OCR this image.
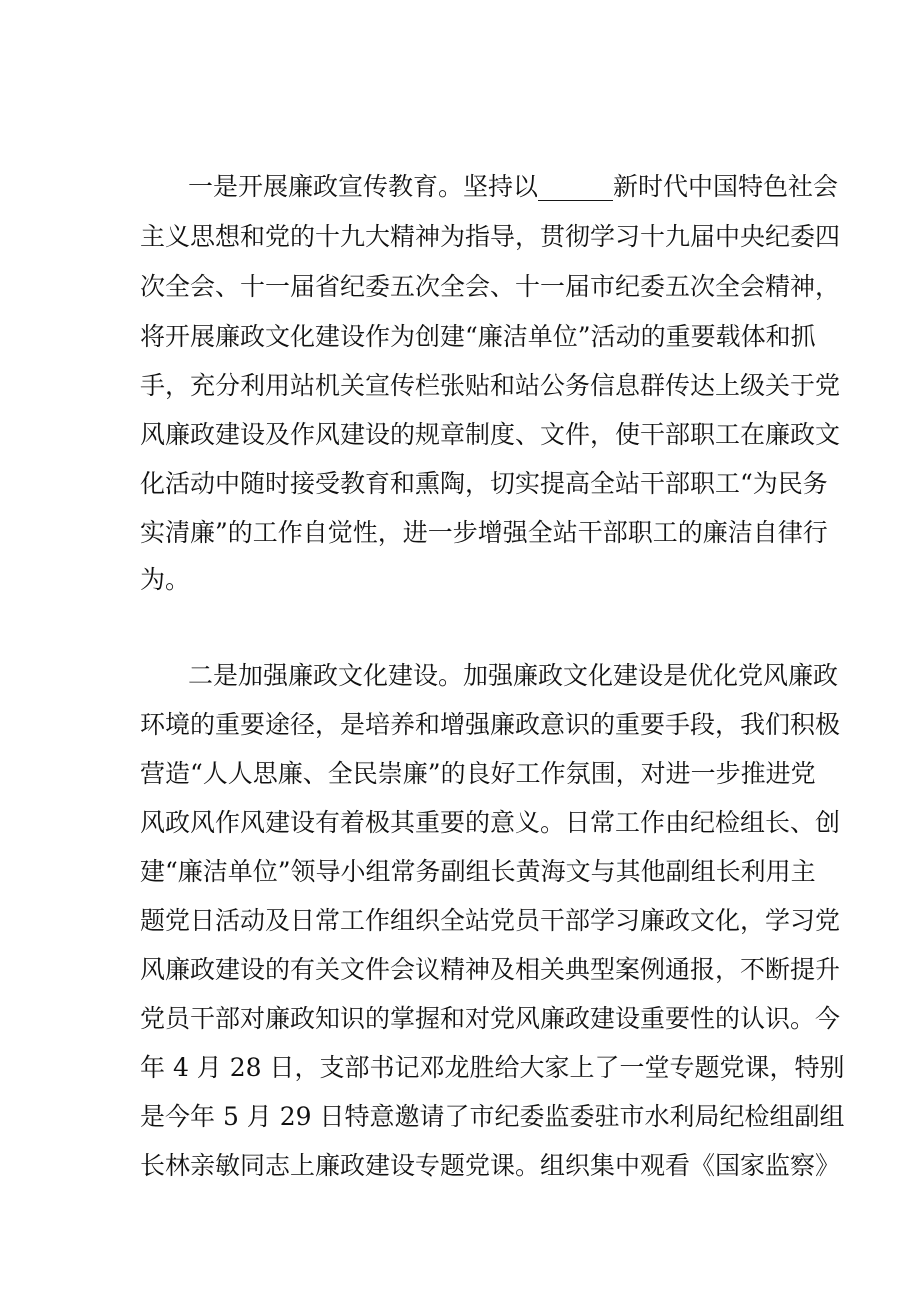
一是开展廉政宣传教育。坚持以______新时代中国特色社会
主义思想和党的十九大精神为指导，贯彻学习十九届中央纪委四
次全会、十一届省纪委五次全会、十一届市纪委五次全会精神，
将开展廉政文化建设作为创建“廉洁单位”活动的重要载体和抓
手，充分利用站机关宣传栏张贴和站公务信息群传达上级关于党
风廉政建设及作风建设的规章制度、文件，使干部职工在廉政文
化活动中随时接受教育和熏陶，切实提高全站干部职工“为民务
实清廉”的工作自觉性，进一步增强全站干部职工的廉洁自律行
为。
二是加强廉政文化建设。加强廉政文化建设是优化党风廉政
环境的重要途径，是培养和增强廉政意识的重要手段，我们积极
营造“人人思廉、全民崇廉”的良好工作氛围，对进一步推进党
风政风作风建设有着极其重要的意义。日常工作由纪检组长、创
建“廉洁单位”领导小组常务副组长黄海文与其他副组长利用主
题党日活动及日常工作组织全站党员干部学习廉政文化，学习党
风廉政建设的有关文件会议精神及相关典型案例通报，不断提升
党员干部对廉政知识的掌握和对党风廉政建设重要性的认识。今
年 4 月 28 日，支部书记邓龙胜给大家上了一堂专题党课，特别
是今年 5 月 29 日特意邀请了市纪委监委驻市水利局纪检组副组
长林亲敏同志上廉政建设专题党课。组织集中观看《国家监察》
